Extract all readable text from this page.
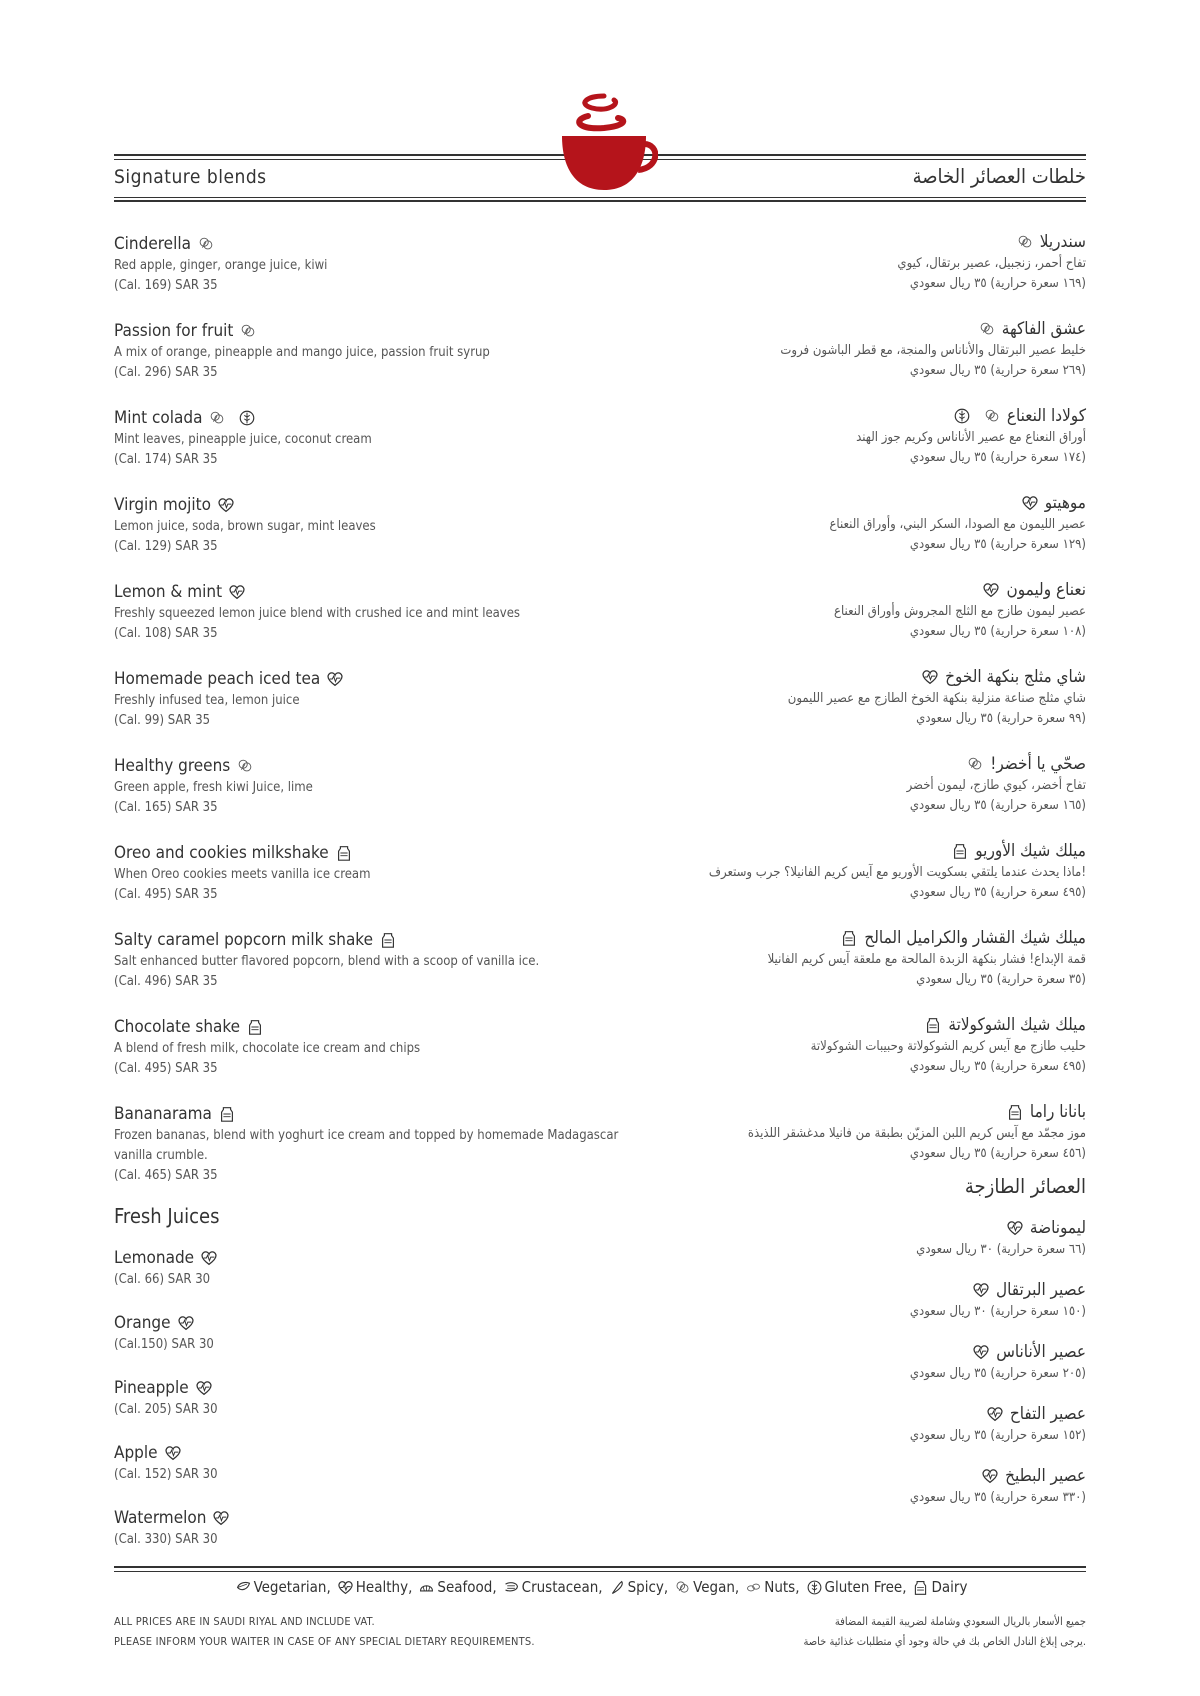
Signature blends	خلطات العصائر الخاصة
Cinderella
Red apple, ginger, orange juice, kiwi
(Cal. 169) SAR 35
Passion for fruit
A mix of orange, pineapple and mango juice, passion fruit syrup
(Cal. 296) SAR 35
Mint colada
Mint leaves, pineapple juice, coconut cream
(Cal. 174) SAR 35
Virgin mojito
Lemon juice, soda, brown sugar, mint leaves
(Cal. 129) SAR 35
Lemon & mint
Freshly squeezed lemon juice blend with crushed ice and mint leaves
(Cal. 108) SAR 35
Homemade peach iced tea
Freshly infused tea, lemon juice
(Cal. 99) SAR 35
Healthy greens
Green apple, fresh kiwi Juice, lime
(Cal. 165) SAR 35
Oreo and cookies milkshake
When Oreo cookies meets vanilla ice cream
(Cal. 495) SAR 35
Salty caramel popcorn milk shake
Salt enhanced butter flavored popcorn, blend with a scoop of vanilla ice.
(Cal. 496) SAR 35
Chocolate shake
A blend of fresh milk, chocolate ice cream and chips
(Cal. 495) SAR 35
Bananarama
Frozen bananas, blend with yoghurt ice cream and topped by homemade Madagascar vanilla crumble.
(Cal. 465) SAR 35
Fresh Juices
Lemonade
(Cal. 66) SAR 30
Orange
(Cal.150) SAR 30
Pineapple
(Cal. 205) SAR 30
Apple
(Cal. 152) SAR 30
Watermelon
(Cal. 330) SAR 30
سندريلا
تفاح أحمر، زنجبيل، عصير برتقال، كيوي
(١٦٩ سعرة حرارية) ٣٥ ريال سعودي
عشق الفاكهة
خليط عصير البرتقال والأناناس والمنجة، مع قطر الباشون فروت
(٢٦٩ سعرة حرارية) ٣٥ ريال سعودي
كولادا النعناع
أوراق النعناع مع عصير الأناناس وكريم جوز الهند
(١٧٤ سعرة حرارية) ٣٥ ريال سعودي
موهيتو
عصير الليمون مع الصودا، السكر البني، وأوراق النعناع
(١٢٩ سعرة حرارية) ٣٥ ريال سعودي
نعناع وليمون
عصير ليمون طازج مع الثلج المجروش وأوراق النعناع
(١٠٨ سعرة حرارية) ٣٥ ريال سعودي
شاي مثلج بنكهة الخوخ
شاي مثلج صناعة منزلية بنكهة الخوخ الطازج مع عصير الليمون
(٩٩ سعرة حرارية) ٣٥ ريال سعودي
صحّي يا أخضر!
تفاح أخضر، كيوي طازج، ليمون أخضر
(١٦٥ سعرة حرارية) ٣٥ ريال سعودي
ميلك شيك الأوريو
!ماذا يحدث عندما يلتقي بسكويت الأوريو مع آيس كريم الفانيلا؟ جرب وستعرف
(٤٩٥ سعرة حرارية) ٣٥ ريال سعودي
ميلك شيك القشار والكراميل المالح
قمة الإبداع! فشار بنكهة الزبدة المالحة مع ملعقة آيس كريم الفانيلا
(٣٥ سعرة حرارية) ٣٥ ريال سعودي
ميلك شيك الشوكولاتة
حليب طازج مع آيس كريم الشوكولاتة وحبيبات الشوكولاتة
(٤٩٥ سعرة حرارية) ٣٥ ريال سعودي
بانانا راما
موز مجمّد مع آيس كريم اللبن المزيّن بطبقة من فانيلا مدغشقر اللذيذة
(٤٥٦ سعرة حرارية) ٣٥ ريال سعودي
العصائر الطازجة
ليموناضة
(٦٦ سعرة حرارية) ٣٠ ريال سعودي
عصير البرتقال
(١٥٠ سعرة حرارية) ٣٠ ريال سعودي
عصير الأناناس
(٢٠٥ سعرة حرارية) ٣٥ ريال سعودي
عصير التفاح
(١٥٢ سعرة حرارية) ٣٥ ريال سعودي
عصير البطيخ
(٣٣٠ سعرة حرارية) ٣٥ ريال سعودي
Vegetarian, Healthy, Seafood, Crustacean, Spicy, Vegan, Nuts, Gluten Free, Dairy
ALL PRICES ARE IN SAUDI RIYAL AND INCLUDE VAT.
PLEASE INFORM YOUR WAITER IN CASE OF ANY SPECIAL DIETARY REQUIREMENTS.
جميع الأسعار بالريال السعودي وشاملة لضريبة القيمة المضافة
.يرجى إبلاغ النادل الخاص بك في حالة وجود أي متطلبات غذائية خاصة
